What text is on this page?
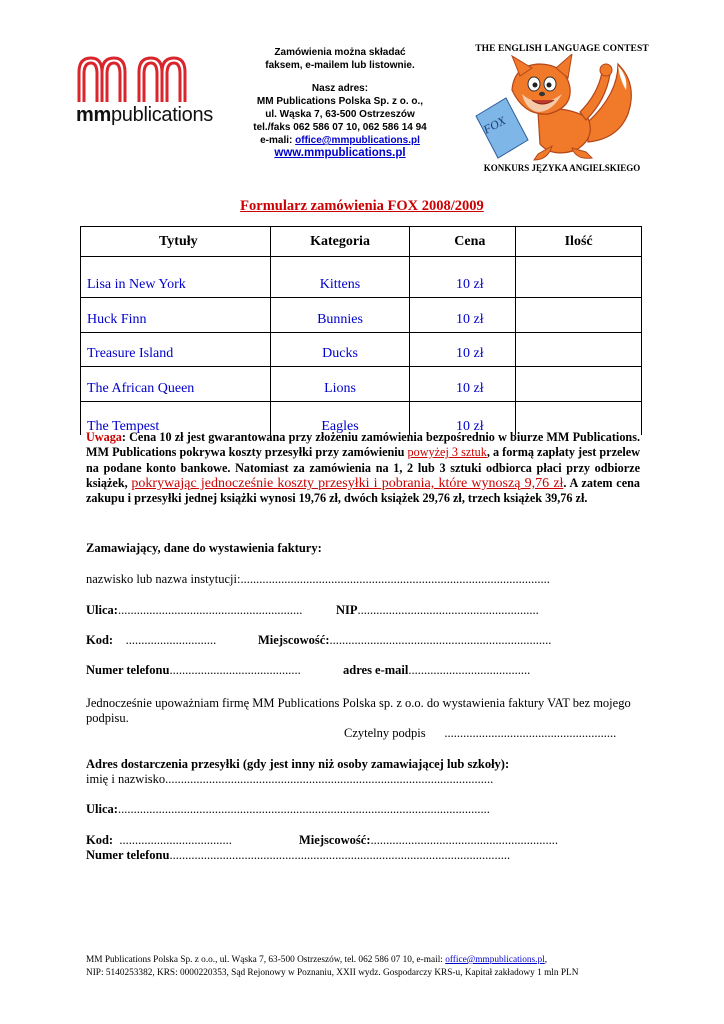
mmpublications
Zamówienia można składać
faksem, e-mailem lub listownie.
Nasz adres:
MM Publications Polska Sp. z o. o.,
ul. Wąska 7, 63-500 Ostrzeszów
tel./faks 062 586 07 10, 062 586 14 94
e-mali: office@mmpublications.pl
www.mmpublications.pl
THE ENGLISH LANGUAGE CONTEST
FOX
KONKURS JĘZYKA ANGIELSKIEGO
Formularz zamówienia FOX 2008/2009
Tytuły	Kategoria	Cena	Ilość
Lisa in New York	Kittens	10 zł	
Huck Finn	Bunnies	10 zł	
Treasure Island	Ducks	10 zł	
The African Queen	Lions	10 zł	
The Tempest	Eagles	10 zł	
Uwaga: Cena 10 zł jest gwarantowana przy złożeniu zamówienia bezpośrednio w biurze MM Publications. MM Publications pokrywa koszty przesyłki przy zamówieniu powyżej 3 sztuk, a formą zapłaty jest przelew na podane konto bankowe. Natomiast za zamówienia na 1, 2 lub 3 sztuki odbiorca płaci przy odbiorze książek, pokrywając jednocześnie koszty przesyłki i pobrania, które wynoszą 9,76 zł. A zatem cena zakupu i przesyłki jednej książki wynosi 19,76 zł, dwóch książek 29,76 zł, trzech książek 39,76 zł.
Zamawiający, dane do wystawienia faktury:
nazwisko lub nazwa instytucji:...................................................................................................
Ulica:...........................................................	NIP..........................................................
Kod: .............................	Miejscowość:.......................................................................
Numer telefonu..........................................	adres e-mail.......................................
Jednocześnie upoważniam firmę MM Publications Polska sp. z o.o. do wystawienia faktury VAT bez mojego podpisu.
Czytelny podpis .......................................................
Adres dostarczenia przesyłki (gdy jest inny niż osoby zamawiającej lub szkoły):
imię i nazwisko.........................................................................................................
Ulica:.......................................................................................................................
Kod: ....................................	Miejscowość:............................................................
Numer telefonu.............................................................................................................
MM Publications Polska Sp. z o.o., ul. Wąska 7, 63-500 Ostrzeszów, tel. 062 586 07 10, e-mail: office@mmpublications.pl,
NIP: 5140253382, KRS: 0000220353, Sąd Rejonowy w Poznaniu, XXII wydz. Gospodarczy KRS-u, Kapitał zakładowy 1 mln PLN
